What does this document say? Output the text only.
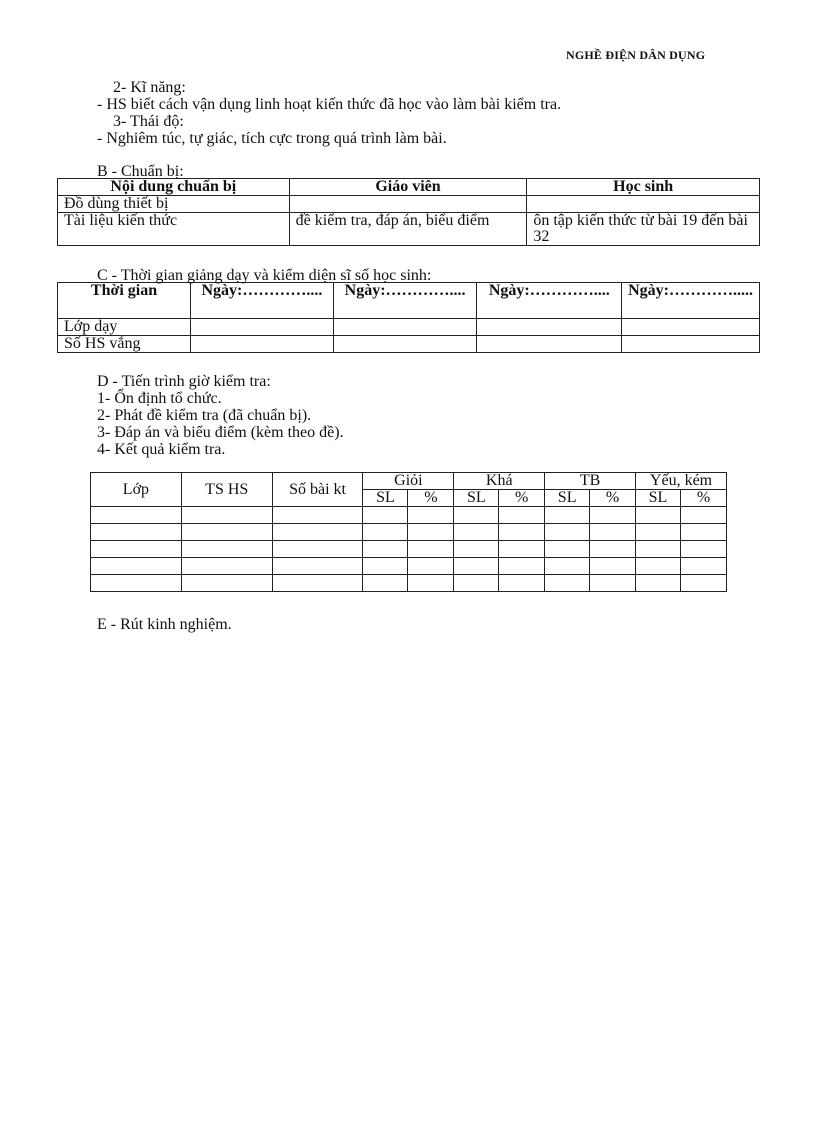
NGHỀ ĐIỆN DÂN DỤNG
2- Kĩ năng:
- HS biết cách vận dụng linh hoạt kiến thức đã học vào làm bài kiểm tra.
3- Thái độ:
- Nghiêm túc, tự giác, tích cực trong quá trình làm bài.
B - Chuẩn bị:
Nội dung chuẩn bị	Giáo viên	Học sinh
Đồ dùng thiết bị		
Tài liệu kiến thức	đề kiểm tra, đáp án, biểu điểm	ôn tập kiến thức từ bài 19 đến bài 32
C - Thời gian giảng dạy và kiểm diện sĩ số học sinh:
Thời gian	Ngày:…………....	Ngày:…………....	Ngày:…………....	Ngày:………….....
Lớp dạy				
Số HS vắng				
D - Tiến trình giờ kiểm tra:
1- Ổn định tổ chức.
2- Phát đề kiểm tra (đã chuẩn bị).
3- Đáp án và biểu điểm (kèm theo đề).
4- Kết quả kiểm tra.
Lớp	TS HS	Số bài kt	Giỏi		Khá		TB		Yếu, kém	
			SL	%	SL	%	SL	%	SL	%

E - Rút kinh nghiệm.
